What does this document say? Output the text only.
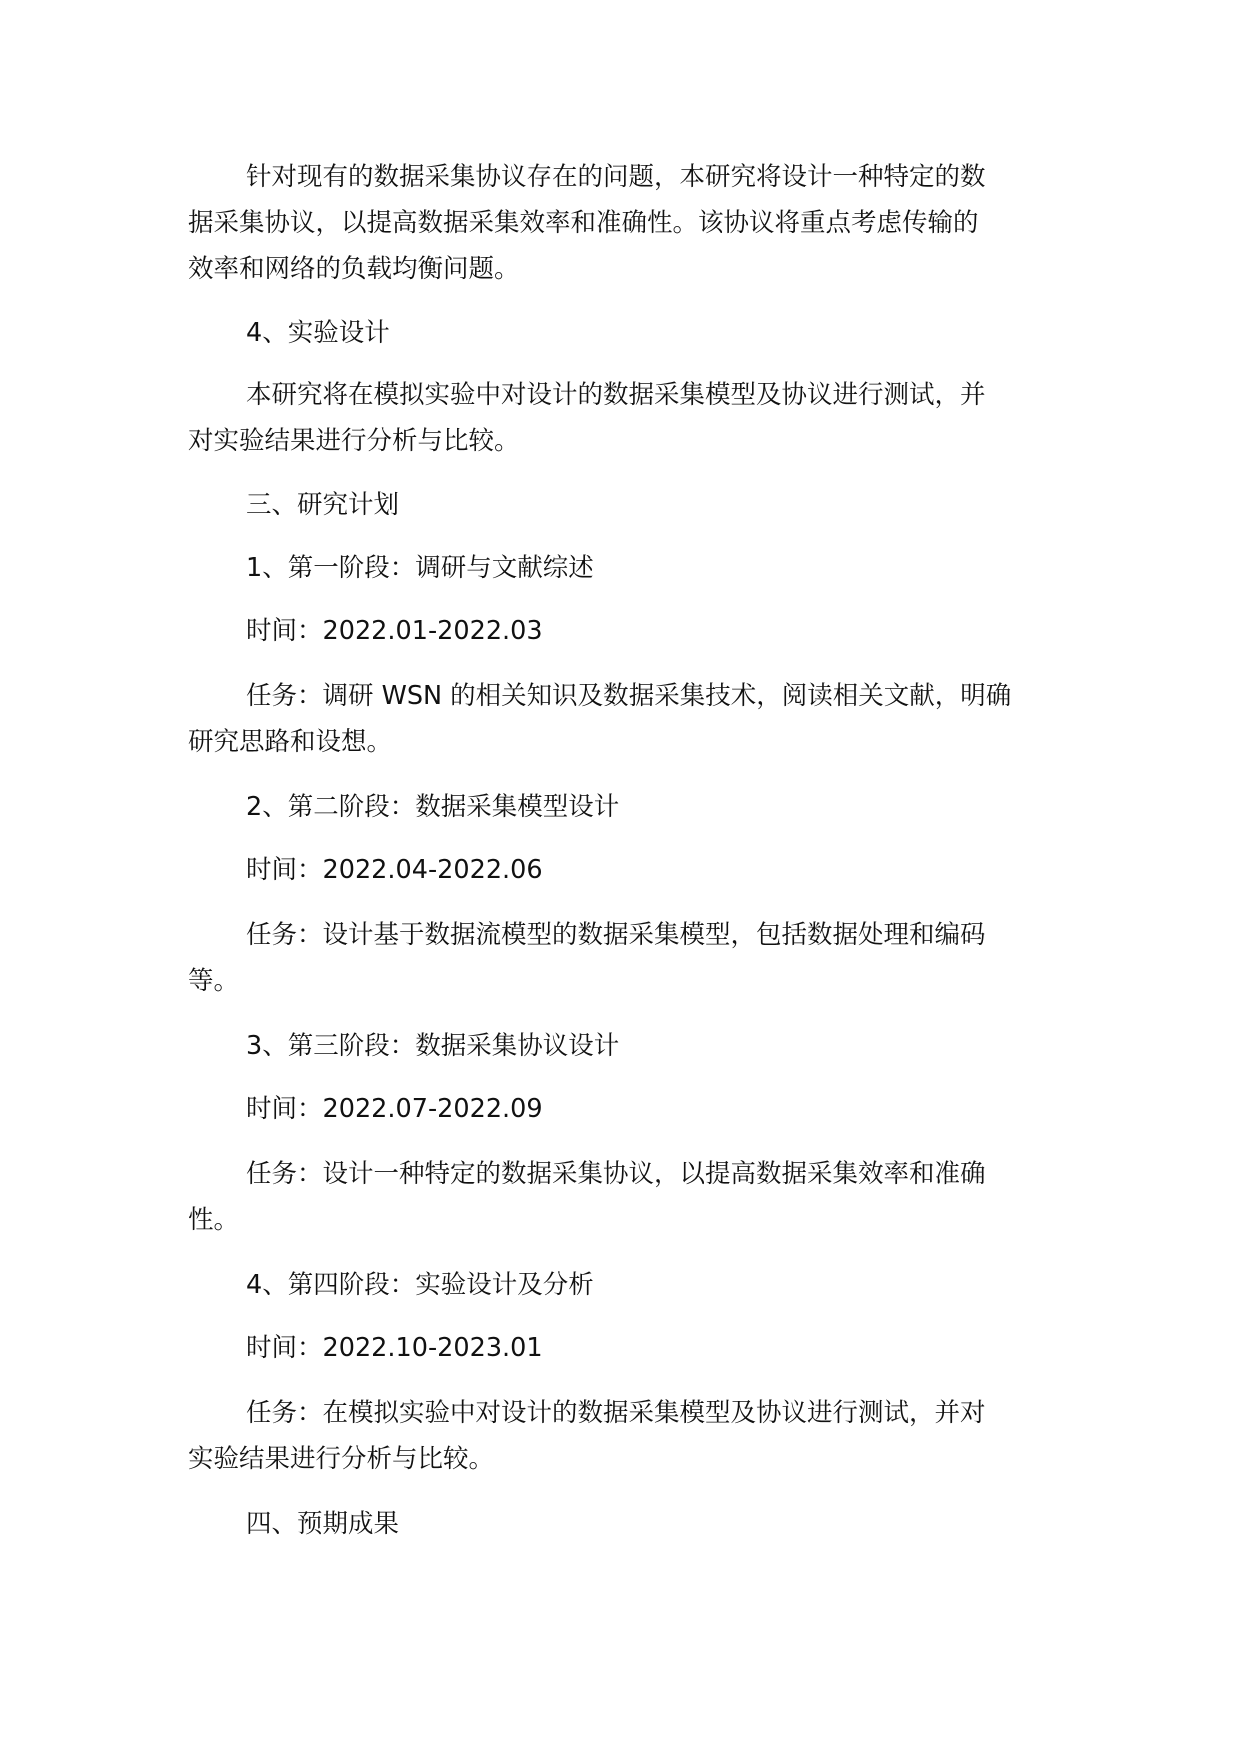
针对现有的数据采集协议存在的问题，本研究将设计一种特定的数
据采集协议，以提高数据采集效率和准确性。该协议将重点考虑传输的
效率和网络的负载均衡问题。
4、实验设计
本研究将在模拟实验中对设计的数据采集模型及协议进行测试，并
对实验结果进行分析与比较。
三、研究计划
1、第一阶段：调研与文献综述
时间：2022.01-2022.03
任务：调研 WSN 的相关知识及数据采集技术，阅读相关文献，明确
研究思路和设想。
2、第二阶段：数据采集模型设计
时间：2022.04-2022.06
任务：设计基于数据流模型的数据采集模型，包括数据处理和编码
等。
3、第三阶段：数据采集协议设计
时间：2022.07-2022.09
任务：设计一种特定的数据采集协议，以提高数据采集效率和准确
性。
4、第四阶段：实验设计及分析
时间：2022.10-2023.01
任务：在模拟实验中对设计的数据采集模型及协议进行测试，并对
实验结果进行分析与比较。
四、预期成果
